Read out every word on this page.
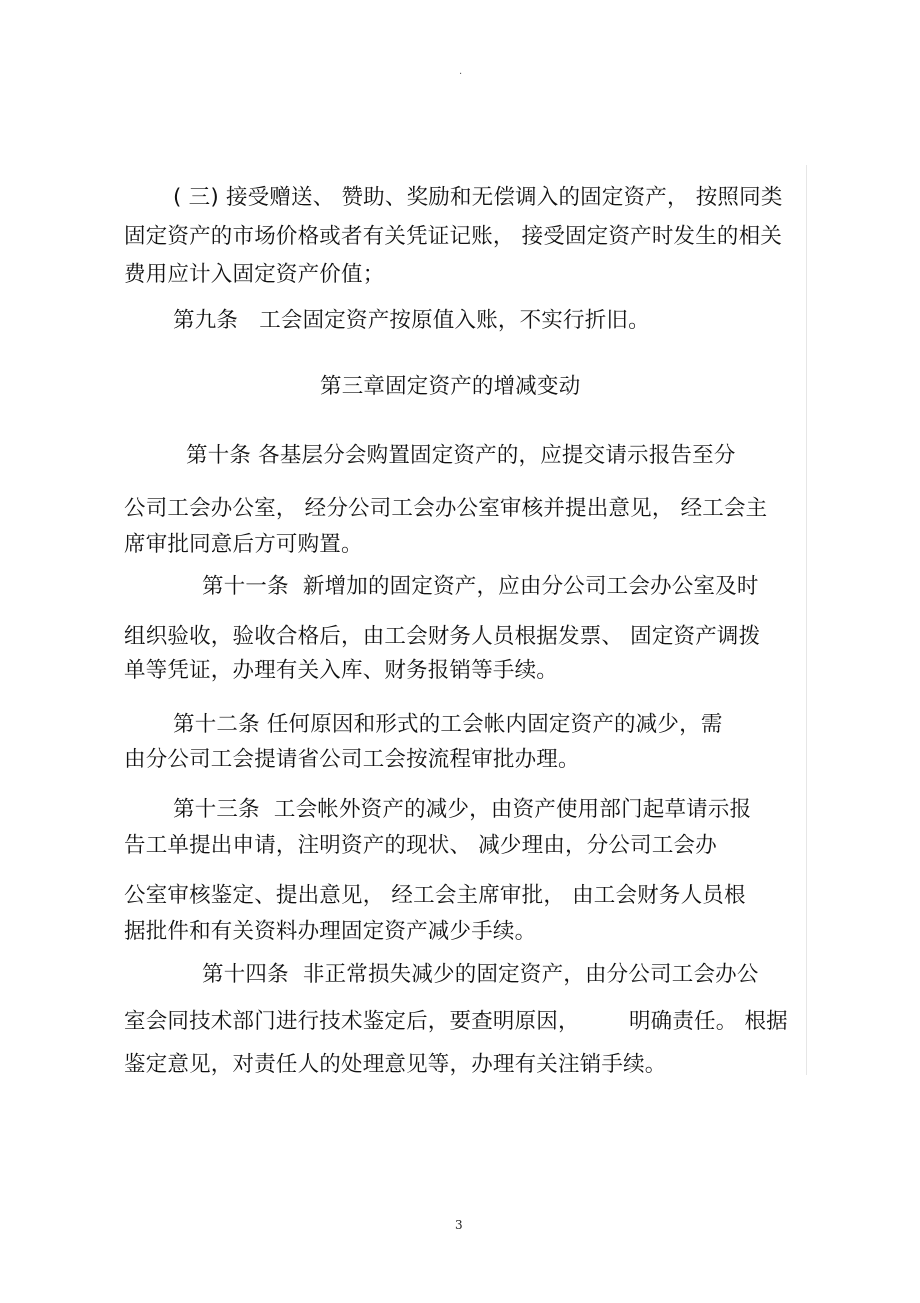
.
( 三) 接受赠送、 赞助、奖励和无偿调入的固定资产， 按照同类
固定资产的市场价格或者有关凭证记账， 接受固定资产时发生的相关
费用应计入固定资产价值；
第九条   工会固定资产按原值入账，不实行折旧。
第三章固定资产的增减变动
第十条 各基层分会购置固定资产的，应提交请示报告至分
公司工会办公室， 经分公司工会办公室审核并提出意见， 经工会主
席审批同意后方可购置。
第十一条  新增加的固定资产，应由分公司工会办公室及时
组织验收，验收合格后，由工会财务人员根据发票、 固定资产调拨
单等凭证，办理有关入库、财务报销等手续。
第十二条 任何原因和形式的工会帐内固定资产的减少，需
由分公司工会提请省公司工会按流程审批办理。
第十三条  工会帐外资产的减少，由资产使用部门起草请示报
告工单提出申请，注明资产的现状、 减少理由，分公司工会办
公室审核鉴定、提出意见， 经工会主席审批， 由工会财务人员根
据批件和有关资料办理固定资产减少手续。
第十四条  非正常损失减少的固定资产，由分公司工会办公
室会同技术部门进行技术鉴定后，要查明原因，       明确责任。 根据
鉴定意见，对责任人的处理意见等，办理有关注销手续。
3
